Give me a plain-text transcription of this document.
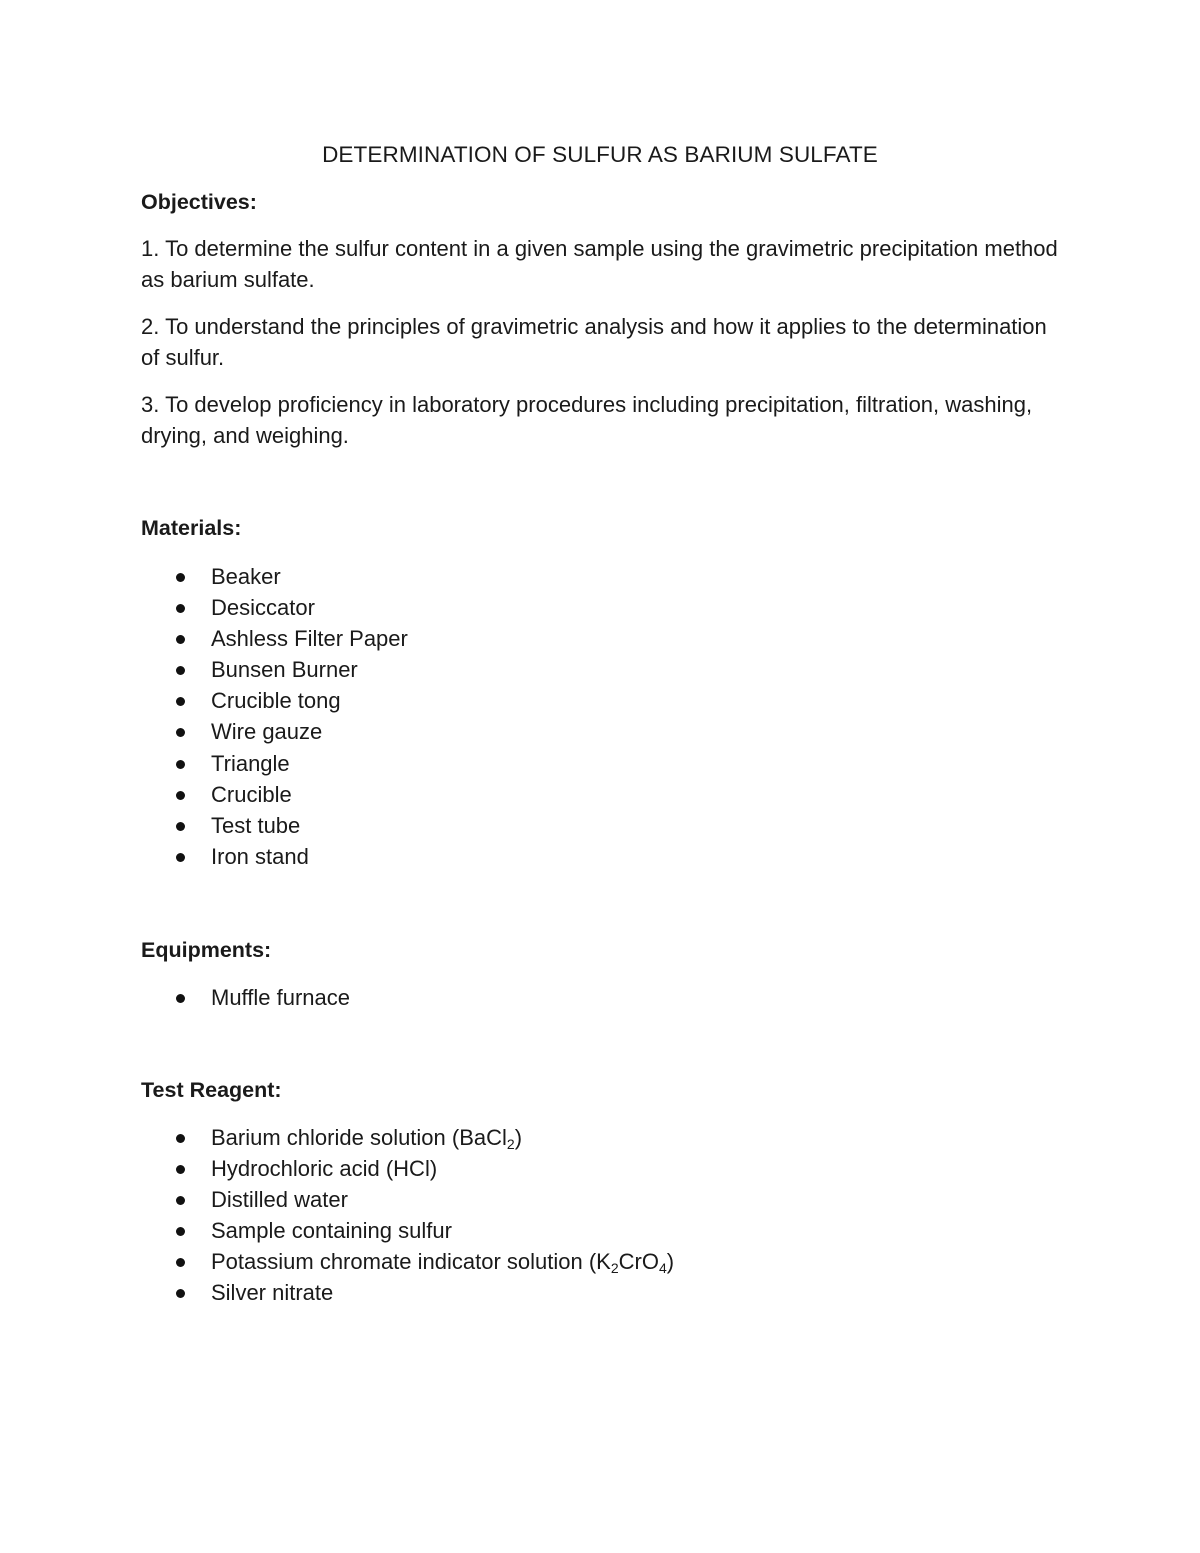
DETERMINATION OF SULFUR AS BARIUM SULFATE
Objectives:
1. To determine the sulfur content in a given sample using the gravimetric precipitation method as barium sulfate.
2. To understand the principles of gravimetric analysis and how it applies to the determination of sulfur.
3. To develop proficiency in laboratory procedures including precipitation, filtration, washing, drying, and weighing.
Materials:
Beaker
Desiccator
Ashless Filter Paper
Bunsen Burner
Crucible tong
Wire gauze
Triangle
Crucible
Test tube
Iron stand
Equipments:
Muffle furnace
Test Reagent:
Barium chloride solution (BaCl$_2$)
Hydrochloric acid (HCl)
Distilled water
Sample containing sulfur
Potassium chromate indicator solution $(K_2CrO_4)$
Silver nitrate
